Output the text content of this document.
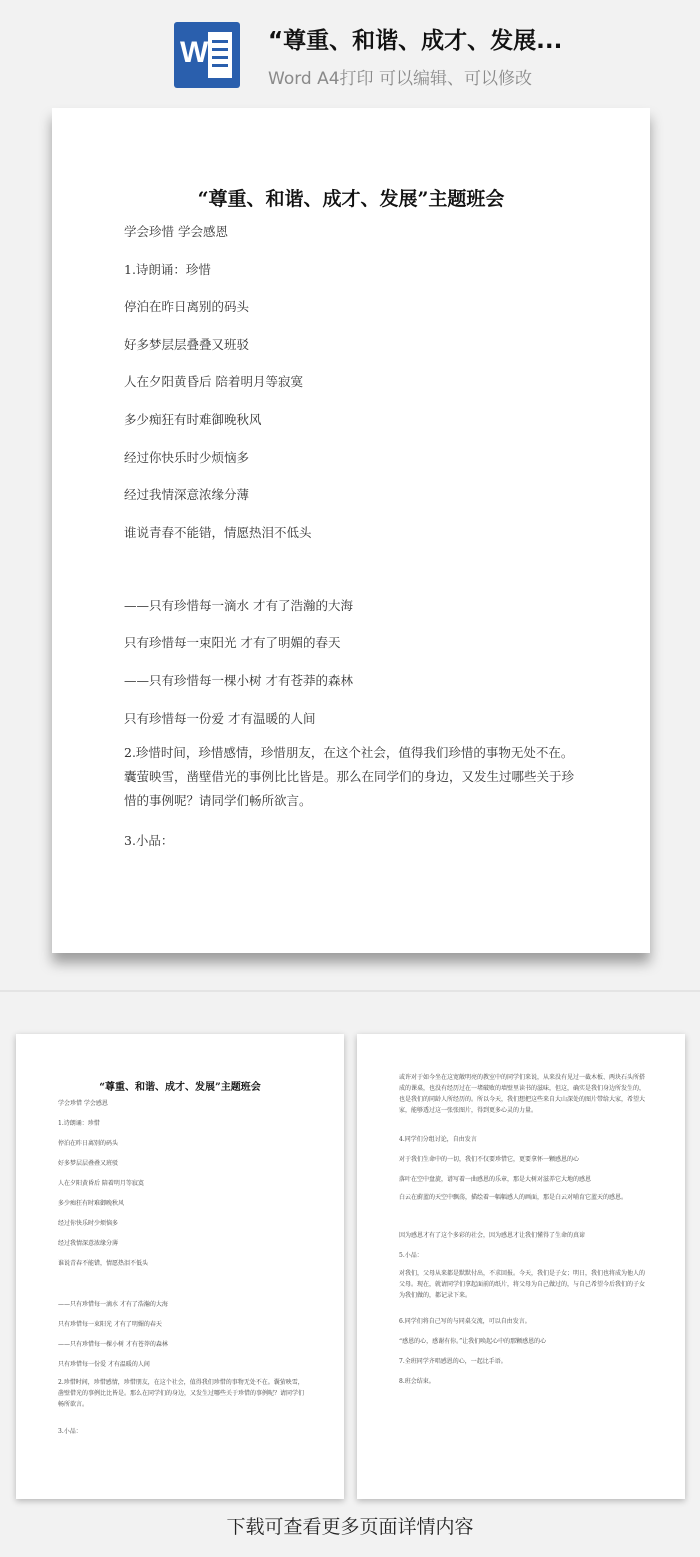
W	“尊重、和谐、成才、发展...
Word A4打印 可以编辑、可以修改
“尊重、和谐、成才、发展”主题班会
学会珍惜 学会感恩
1.诗朗诵：珍惜
停泊在昨日离别的码头
好多梦层层叠叠又班驳
人在夕阳黄昏后 陪着明月等寂寞
多少痴狂有时难御晚秋风
经过你快乐时少烦恼多
经过我情深意浓缘分薄
谁说青春不能错，情愿热泪不低头
——只有珍惜每一滴水 才有了浩瀚的大海
只有珍惜每一束阳光 才有了明媚的春天
——只有珍惜每一棵小树 才有苍莽的森林
只有珍惜每一份爱 才有温暖的人间
2.珍惜时间，珍惜感情，珍惜朋友，在这个社会，值得我们珍惜的事物无处不在。囊萤映雪，凿壁借光的事例比比皆是。那么在同学们的身边，又发生过哪些关于珍惜的事例呢？请同学们畅所欲言。
3.小品：
“尊重、和谐、成才、发展”主题班会
学会珍惜 学会感恩
1.诗朗诵：珍惜
停泊在昨日离别的码头
好多梦层层叠叠又班驳
人在夕阳黄昏后 陪着明月等寂寞
多少痴狂有时难御晚秋风
经过你快乐时少烦恼多
经过我情深意浓缘分薄
谁说青春不能错，情愿热泪不低头
——只有珍惜每一滴水 才有了浩瀚的大海
只有珍惜每一束阳光 才有了明媚的春天
——只有珍惜每一棵小树 才有苍莽的森林
只有珍惜每一份爱 才有温暖的人间
2.珍惜时间，珍惜感情，珍惜朋友，在这个社会，值得我们珍惜的事物无处不在。囊萤映雪，凿壁借光的事例比比皆是。那么在同学们的身边，又发生过哪些关于珍惜的事例呢？请同学们畅所欲言。
3.小品：
或许对于如今坐在这宽敞明亮的教室中的同学们来说，从来没有见过一截木板、两块石头所搭成的课桌，也没有经历过在一堵破败的墙壁里读书的滋味，但这，确实是我们身边所发生的，也是我们的同龄人所经历的。所以今天，我们想把这些来自大山深处的图片带给大家，希望大家，能够透过这一张张图片，得到更多心灵的力量。
4.同学们分组讨论，自由发言
对于我们生命中的一切，我们不仅要珍惜它，更要拿怀一颗感恩的心
落叶在空中盘旋，谱写着一曲感恩的乐章，那是大树对滋养它大地的感恩
白云在蔚蓝的天空中飘荡，描绘着一幅幅感人的画面，那是白云对哺育它蓝天的感恩。
因为感恩才有了这个多彩的社会，因为感恩才让我们懂得了生命的真谛
5.小品：
对我们，父母从来都是默默付出，不求回报。今天，我们是子女；明日，我们也将成为他人的父母。现在，就请同学们拿起面前的纸片，将父母为自己做过的，与自己希望今后我们的子女为我们做的，都记录下来。
6.同学们将自己写的与同桌交流，可以自由发言。
“感恩的心，感谢有你。”让我们唤起心中的那颗感恩的心
7.全班同学齐唱感恩的心，一起比手语。
8.班会结束。
下载可查看更多页面详情内容
